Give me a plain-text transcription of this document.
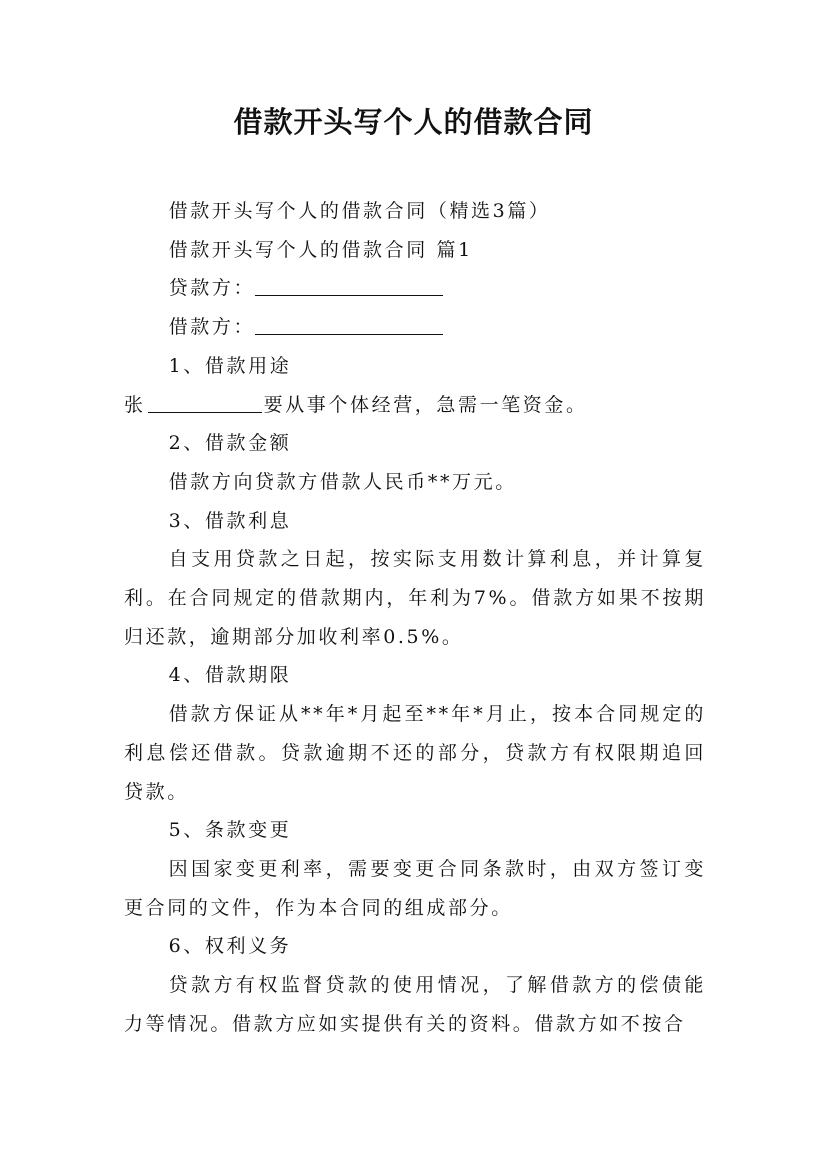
借款开头写个人的借款合同

借款开头写个人的借款合同（精选3篇）

借款开头写个人的借款合同 篇1

贷款方：

借款方：

1、借款用途

张	要从事个体经营，急需一笔资金。

2、借款金额

借款方向贷款方借款人民币**万元。

3、借款利息

自支用贷款之日起，按实际支用数计算利息，并计算复利。在合同规定的借款期内，年利为7%。借款方如果不按期归还款，逾期部分加收利率0.5%。

4、借款期限

借款方保证从**年*月起至**年*月止，按本合同规定的利息偿还借款。贷款逾期不还的部分，贷款方有权限期追回贷款。

5、条款变更

因国家变更利率，需要变更合同条款时，由双方签订变更合同的文件，作为本合同的组成部分。

6、权利义务

贷款方有权监督贷款的使用情况，了解借款方的偿债能力等情况。借款方应如实提供有关的资料。借款方如不按合
